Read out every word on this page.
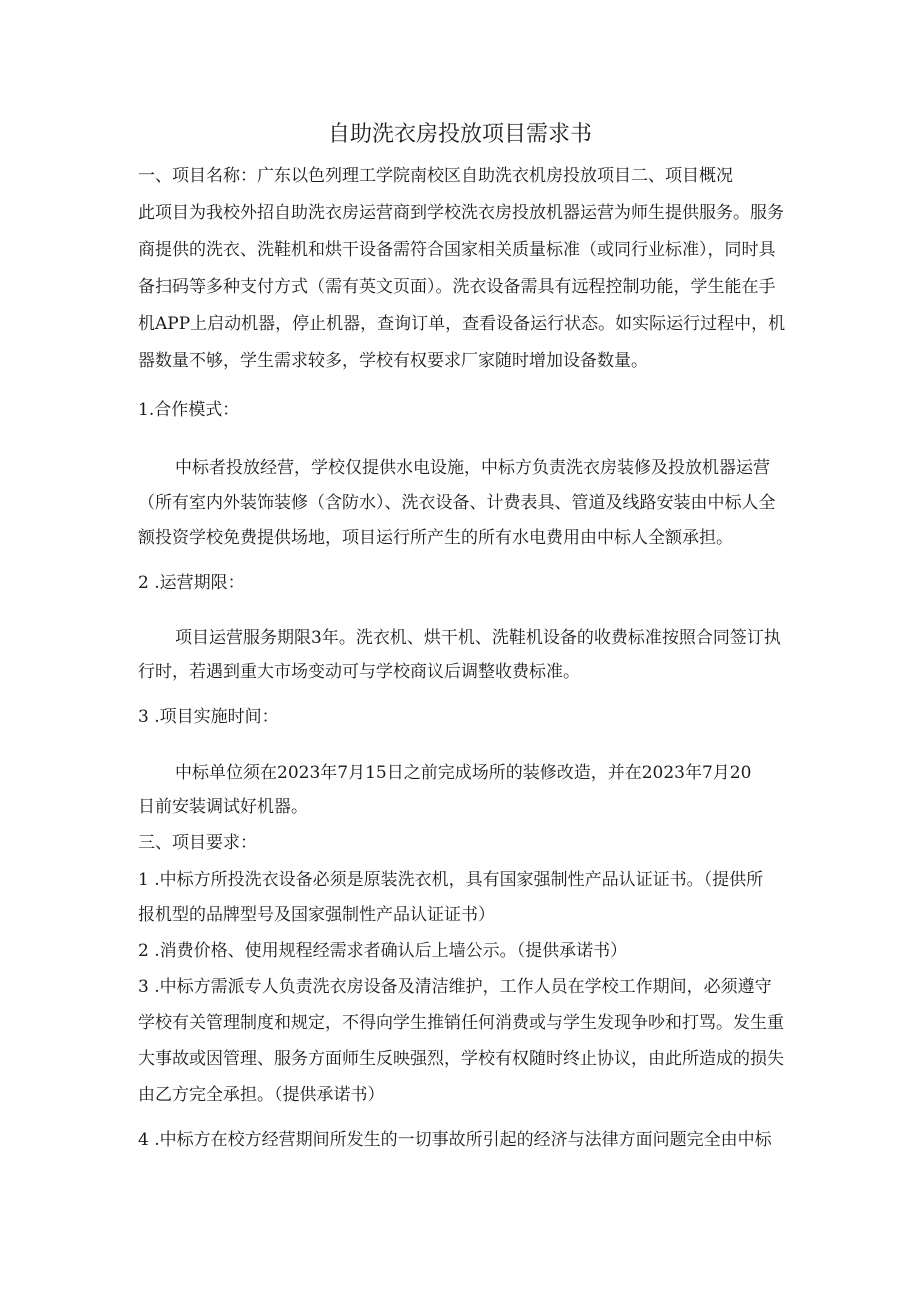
自助洗衣房投放项目需求书
一、项目名称：广东以色列理工学院南校区自助洗衣机房投放项目二、项目概况
此项目为我校外招自助洗衣房运营商到学校洗衣房投放机器运营为师生提供服务。服务
商提供的洗衣、洗鞋机和烘干设备需符合国家相关质量标准（或同行业标准），同时具
备扫码等多种支付方式（需有英文页面）。洗衣设备需具有远程控制功能，学生能在手
机APP上启动机器，停止机器，查询订单，查看设备运行状态。如实际运行过程中，机
器数量不够，学生需求较多，学校有权要求厂家随时增加设备数量。
1.合作模式：
中标者投放经营，学校仅提供水电设施，中标方负责洗衣房装修及投放机器运营
（所有室内外装饰装修（含防水）、洗衣设备、计费表具、管道及线路安装由中标人全
额投资学校免费提供场地，项目运行所产生的所有水电费用由中标人全额承担。
2 .运营期限：
项目运营服务期限3年。洗衣机、烘干机、洗鞋机设备的收费标准按照合同签订执
行时，若遇到重大市场变动可与学校商议后调整收费标准。
3 .项目实施时间：
中标单位须在2023年7月15日之前完成场所的装修改造，并在2023年7月20
日前安装调试好机器。
三、项目要求：
1 .中标方所投洗衣设备必须是原装洗衣机，具有国家强制性产品认证证书。（提供所
报机型的品牌型号及国家强制性产品认证证书）
2 .消费价格、使用规程经需求者确认后上墙公示。（提供承诺书）
3 .中标方需派专人负责洗衣房设备及清洁维护，工作人员在学校工作期间，必须遵守
学校有关管理制度和规定，不得向学生推销任何消费或与学生发现争吵和打骂。发生重
大事故或因管理、服务方面师生反映强烈，学校有权随时终止协议，由此所造成的损失
由乙方完全承担。（提供承诺书）
4 .中标方在校方经营期间所发生的一切事故所引起的经济与法律方面问题完全由中标
